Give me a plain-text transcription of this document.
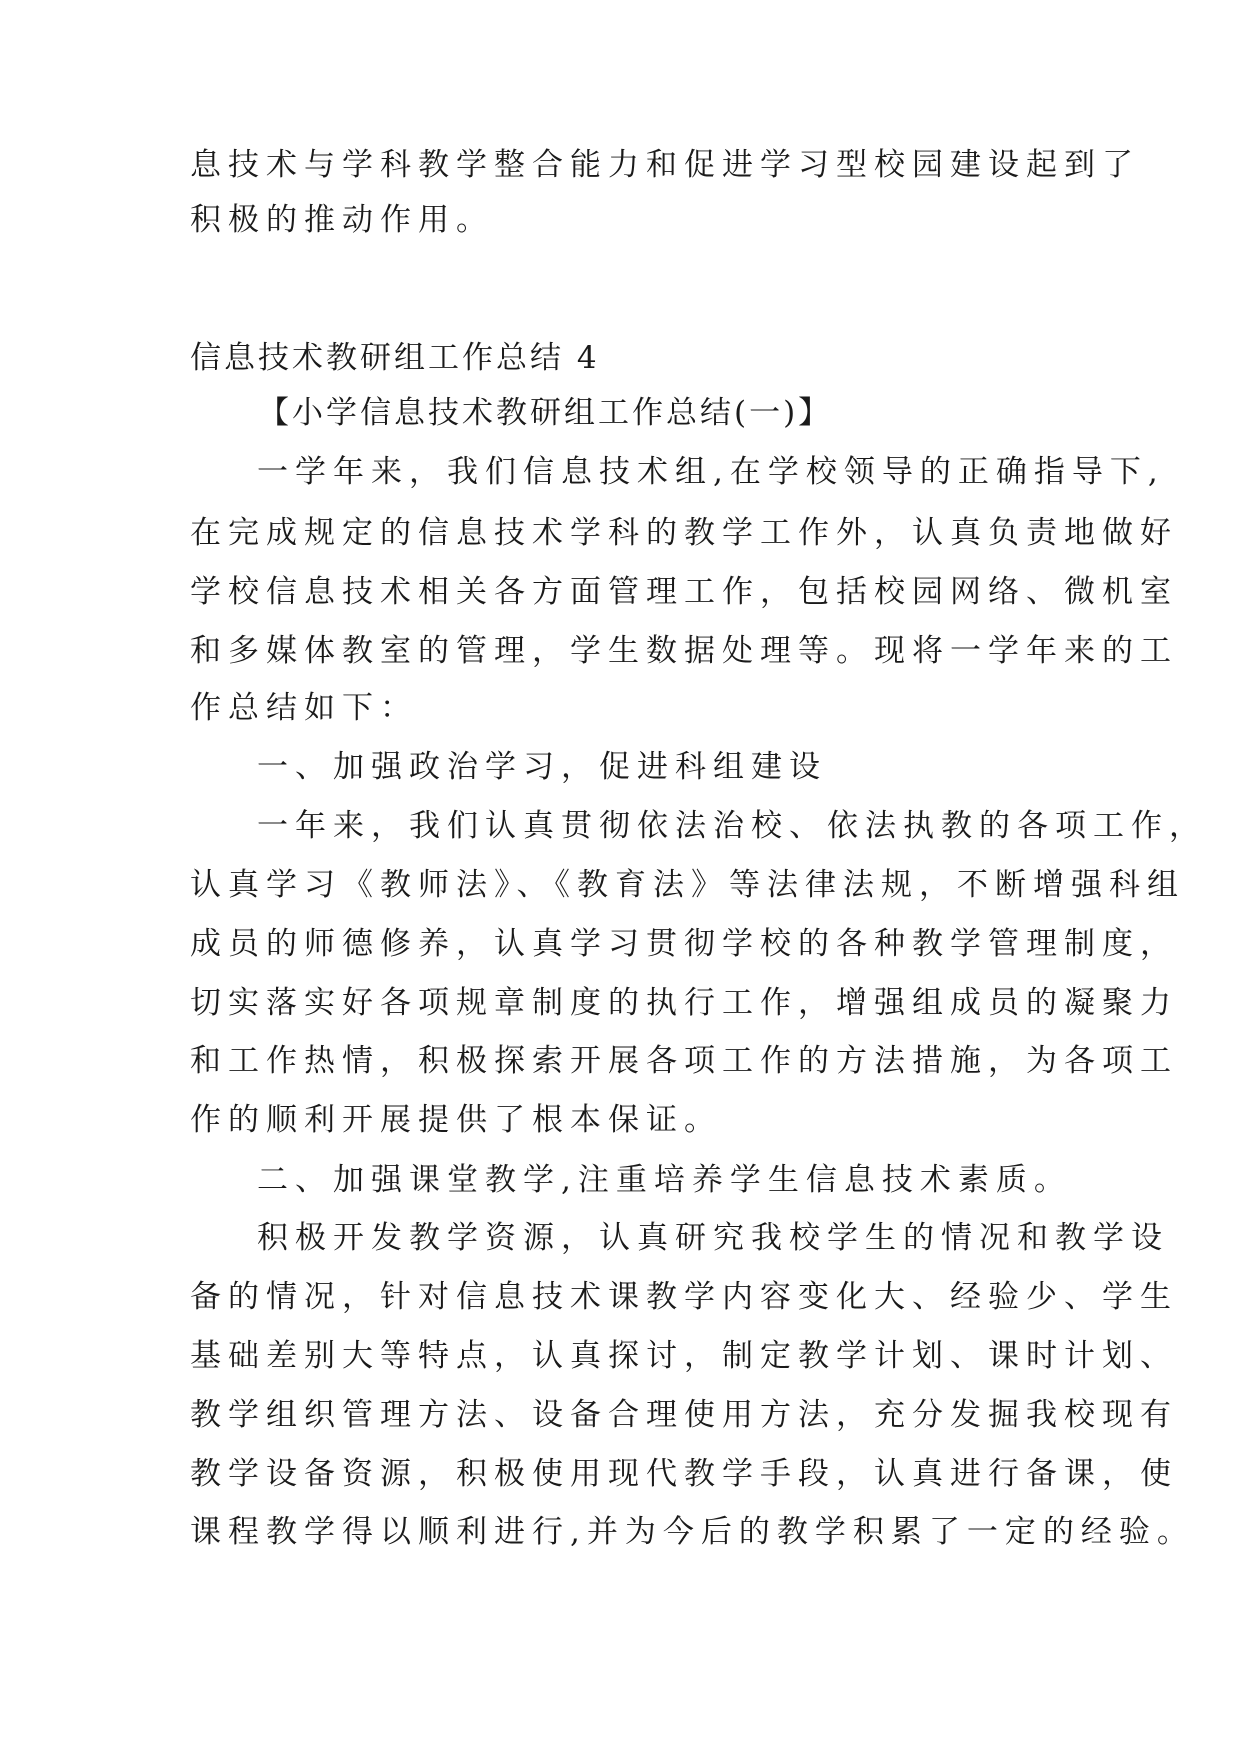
息技术与学科教学整合能力和促进学习型校园建设起到了
积极的推动作用。
信息技术教研组工作总结 4
【小学信息技术教研组工作总结(一)】
一学年来，我们信息技术组,在学校领导的正确指导下,
在完成规定的信息技术学科的教学工作外，认真负责地做好
学校信息技术相关各方面管理工作，包括校园网络、微机室
和多媒体教室的管理，学生数据处理等。现将一学年来的工
作总结如下：
一、加强政治学习，促进科组建设
一年来，我们认真贯彻依法治校、依法执教的各项工作，
认真学习《教师法》、《教育法》等法律法规，不断增强科组
成员的师德修养，认真学习贯彻学校的各种教学管理制度，
切实落实好各项规章制度的执行工作，增强组成员的凝聚力
和工作热情，积极探索开展各项工作的方法措施，为各项工
作的顺利开展提供了根本保证。
二、加强课堂教学,注重培养学生信息技术素质。
积极开发教学资源，认真研究我校学生的情况和教学设
备的情况，针对信息技术课教学内容变化大、经验少、学生
基础差别大等特点，认真探讨，制定教学计划、课时计划、
教学组织管理方法、设备合理使用方法，充分发掘我校现有
教学设备资源，积极使用现代教学手段，认真进行备课，使
课程教学得以顺利进行,并为今后的教学积累了一定的经验。
